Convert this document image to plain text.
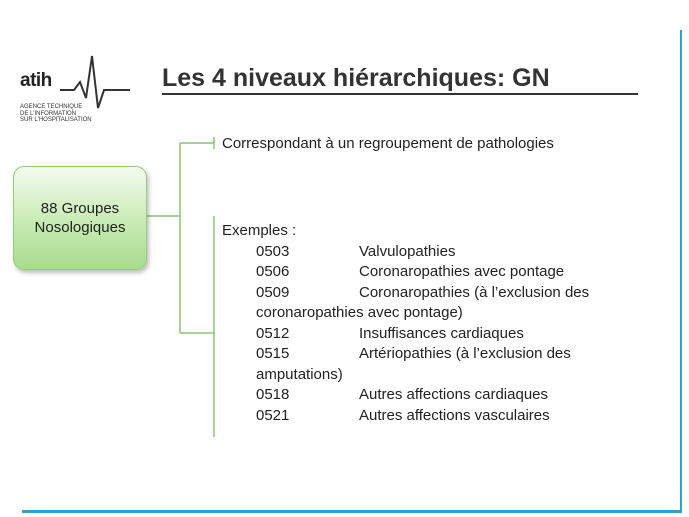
atih
AGENCE TECHNIQUE
DE L'INFORMATION
SUR L'HOSPITALISATION
Les 4 niveaux hiérarchiques: GN
88 Groupes
Nosologiques
Correspondant à un regroupement de pathologies
Exemples :
0503	Valvulopathies
0506	Coronaropathies avec pontage
0509	Coronaropathies (à l’exclusion des
coronaropathies avec pontage)
0512	Insuffisances cardiaques
0515	Artériopathies (à l’exclusion des
amputations)
0518	Autres affections cardiaques
0521	Autres affections vasculaires
